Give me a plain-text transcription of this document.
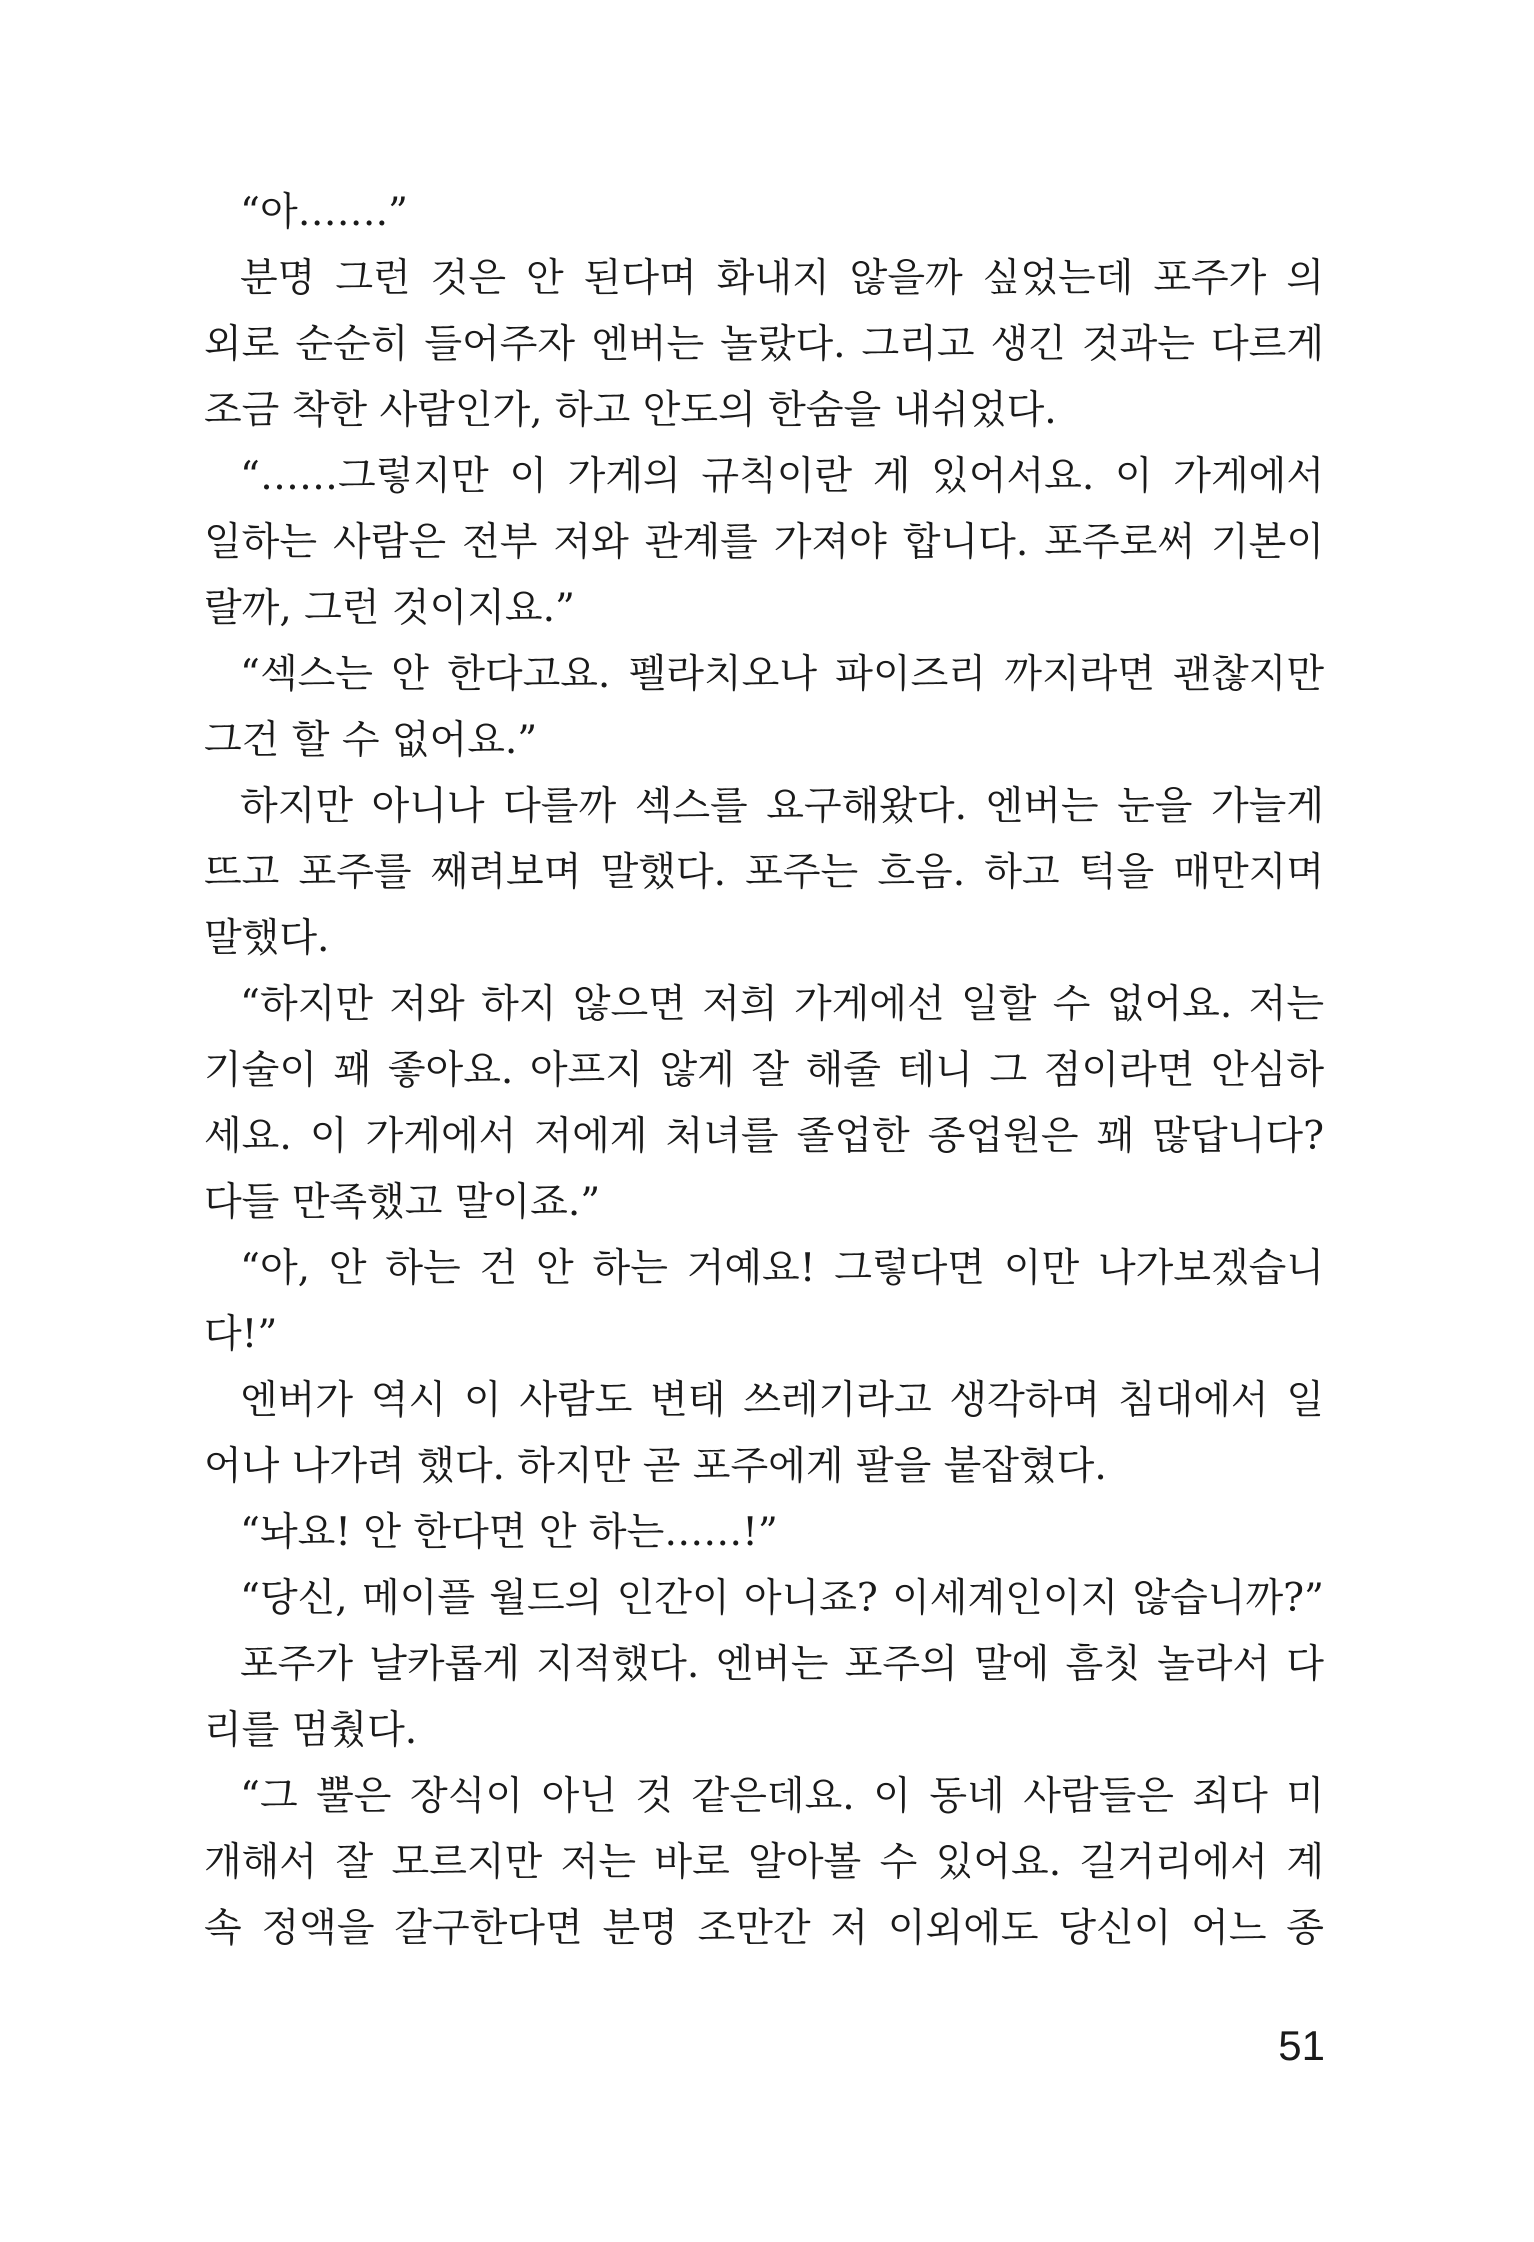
“아…….”
분명 그런 것은 안 된다며 화내지 않을까 싶었는데 포주가 의
외로 순순히 들어주자 엔버는 놀랐다. 그리고 생긴 것과는 다르게
조금 착한 사람인가, 하고 안도의 한숨을 내쉬었다.
“……그렇지만 이 가게의 규칙이란 게 있어서요. 이 가게에서
일하는 사람은 전부 저와 관계를 가져야 합니다. 포주로써 기본이
랄까, 그런 것이지요.”
“섹스는 안 한다고요. 펠라치오나 파이즈리 까지라면 괜찮지만
그건 할 수 없어요.”
하지만 아니나 다를까 섹스를 요구해왔다. 엔버는 눈을 가늘게
뜨고 포주를 째려보며 말했다. 포주는 흐음. 하고 턱을 매만지며
말했다.
“하지만 저와 하지 않으면 저희 가게에선 일할 수 없어요. 저는
기술이 꽤 좋아요. 아프지 않게 잘 해줄 테니 그 점이라면 안심하
세요. 이 가게에서 저에게 처녀를 졸업한 종업원은 꽤 많답니다?
다들 만족했고 말이죠.”
“아, 안 하는 건 안 하는 거예요! 그렇다면 이만 나가보겠습니
다!”
엔버가 역시 이 사람도 변태 쓰레기라고 생각하며 침대에서 일
어나 나가려 했다. 하지만 곧 포주에게 팔을 붙잡혔다.
“놔요! 안 한다면 안 하는……!”
“당신, 메이플 월드의 인간이 아니죠? 이세계인이지 않습니까?”
포주가 날카롭게 지적했다. 엔버는 포주의 말에 흠칫 놀라서 다
리를 멈췄다.
“그 뿔은 장식이 아닌 것 같은데요. 이 동네 사람들은 죄다 미
개해서 잘 모르지만 저는 바로 알아볼 수 있어요. 길거리에서 계
속 정액을 갈구한다면 분명 조만간 저 이외에도 당신이 어느 종
51
